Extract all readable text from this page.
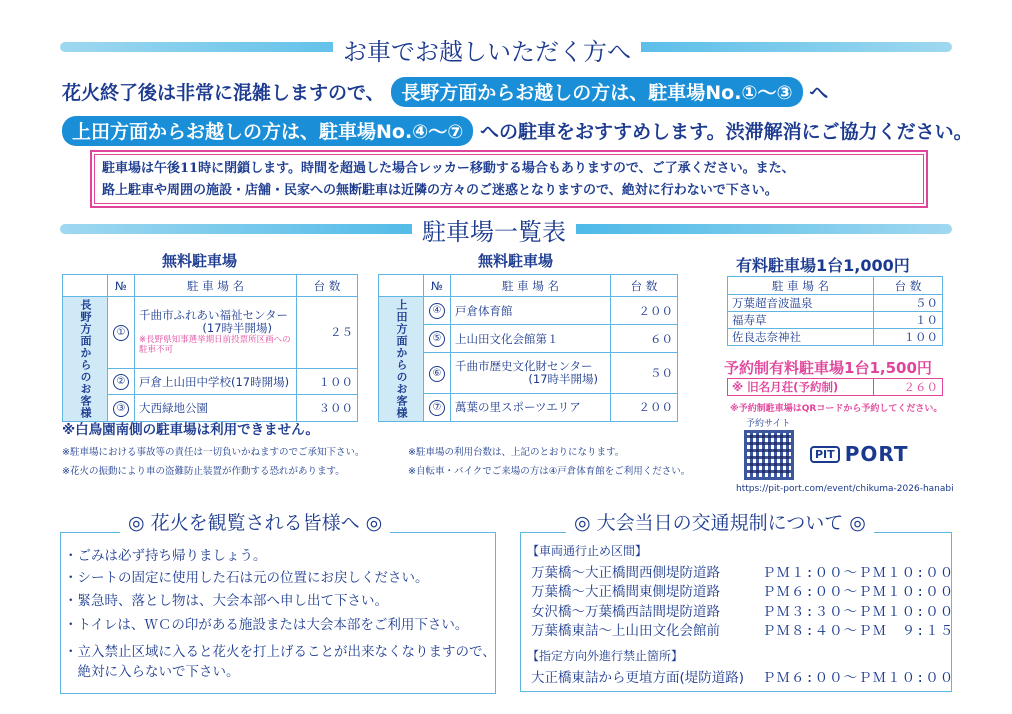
お車でお越しいただく方へ
花火終了後は非常に混雑しますので、 長野方面からお越しの方は、駐車場No.①〜③ へ
上田方面からお越しの方は、駐車場No.④〜⑦ への駐車をおすすめします。渋滞解消にご協力ください。
駐車場は午後11時に閉鎖します。時間を超過した場合レッカー移動する場合もありますので、ご了承ください。また、
路上駐車や周囲の施設・店舗・民家への無断駐車は近隣の方々のご迷惑となりますので、絶対に行わないで下さい。
駐車場一覧表
無料駐車場
	№	駐 車 場 名	台 数
長野方面からのお客様	①	千曲市ふれあい福祉センター
(17時半開場)
※長野県知事選挙期日前投票所区画への駐車不可	２５
	②	戸倉上山田中学校(17時開場)	１００
	③	大西緑地公園	３００
無料駐車場
	№	駐 車 場 名	台 数
上田方面からのお客様	④	戸倉体育館	２００
	⑤	上山田文化会館第１	６０
	⑥	千曲市歴史文化財センター
(17時半開場)	５０
	⑦	萬葉の里スポーツエリア	２００
有料駐車場1台1,000円
駐 車 場 名	台 数
万葉超音波温泉	５０
福寿草	１０
佐良志奈神社	１００
予約制有料駐車場1台1,500円
※ 旧名月荘(予約制)	２６０
※予約制駐車場はQRコードから予約してください。
予約サイト
PIT PORT
https://pit-port.com/event/chikuma-2026-hanabi
※白鳥園南側の駐車場は利用できません。
※駐車場における事故等の責任は一切負いかねますのでご承知下さい。	※駐車場の利用台数は、上記のとおりになります。
※花火の振動により車の盗難防止装置が作動する恐れがあります。	※自転車・バイクでご来場の方は④戸倉体育館をご利用ください。
◎ 花火を観覧される皆様へ ◎
・ごみは必ず持ち帰りましょう。
・シートの固定に使用した石は元の位置にお戻しください。
・緊急時、落とし物は、大会本部へ申し出て下さい。
・トイレは、ＷＣの印がある施設または大会本部をご利用下さい。
・立入禁止区域に入ると花火を打上げることが出来なくなりますので、
　絶対に入らないで下さい。
◎ 大会当日の交通規制について ◎
【車両通行止め区間】
万葉橋〜大正橋間西側堤防道路	ＰＭ１:００〜ＰＭ１０:００
万葉橋〜大正橋間東側堤防道路	ＰＭ６:００〜ＰＭ１０:００
女沢橋〜万葉橋西詰間堤防道路	ＰＭ３:３０〜ＰＭ１０:００
万葉橋東詰〜上山田文化会館前	ＰＭ８:４０〜ＰＭ　９:１５
【指定方向外進行禁止箇所】
大正橋東詰から更埴方面(堤防道路) ＰＭ６:００〜ＰＭ１０:００
